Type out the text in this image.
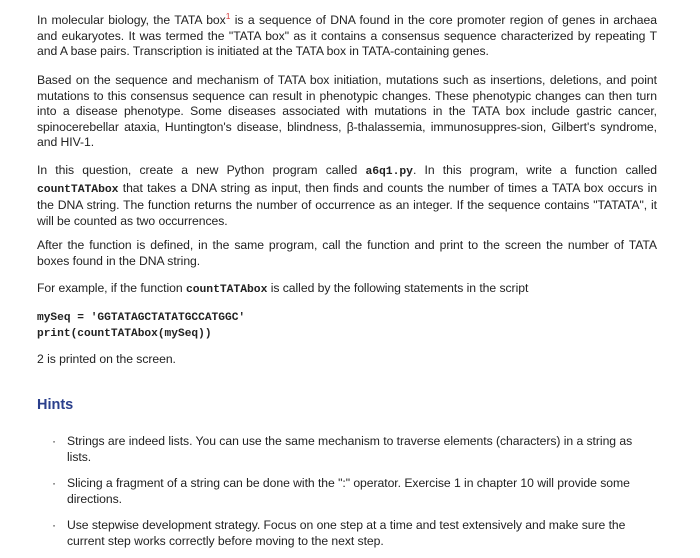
In molecular biology, the TATA box$^1$ is a sequence of DNA found in the core promoter region of genes in archaea and eukaryotes. It was termed the "TATA box" as it contains a consensus sequence characterized by repeating T and A base pairs. Transcription is initiated at the TATA box in TATA-containing genes.

Based on the sequence and mechanism of TATA box initiation, mutations such as insertions, deletions, and point mutations to this consensus sequence can result in phenotypic changes. These phenotypic changes can then turn into a disease phenotype. Some diseases associated with mutations in the TATA box include gastric cancer, spinocerebellar ataxia, Huntington's disease, blindness, β-thalassemia, immunosuppres-sion, Gilbert's syndrome, and HIV-1.

In this question, create a new Python program called a6q1.py. In this program, write a function called countTATAbox that takes a DNA string as input, then finds and counts the number of times a TATA box occurs in the DNA string. The function returns the number of occurrence as an integer. If the sequence contains "TATATA", it will be counted as two occurrences.

After the function is defined, in the same program, call the function and print to the screen the number of TATA boxes found in the DNA string.

For example, if the function countTATAbox is called by the following statements in the script

mySeq = 'GGTATAGCTATATGCCATGGC'
print(countTATAbox(mySeq))

2 is printed on the screen.

Hints
· Strings are indeed lists. You can use the same mechanism to traverse elements (characters) in a string as lists.
· Slicing a fragment of a string can be done with the ":" operator. Exercise 1 in chapter 10 will provide some directions.
· Use stepwise development strategy. Focus on one step at a time and test extensively and make sure the current step works correctly before moving to the next step.
